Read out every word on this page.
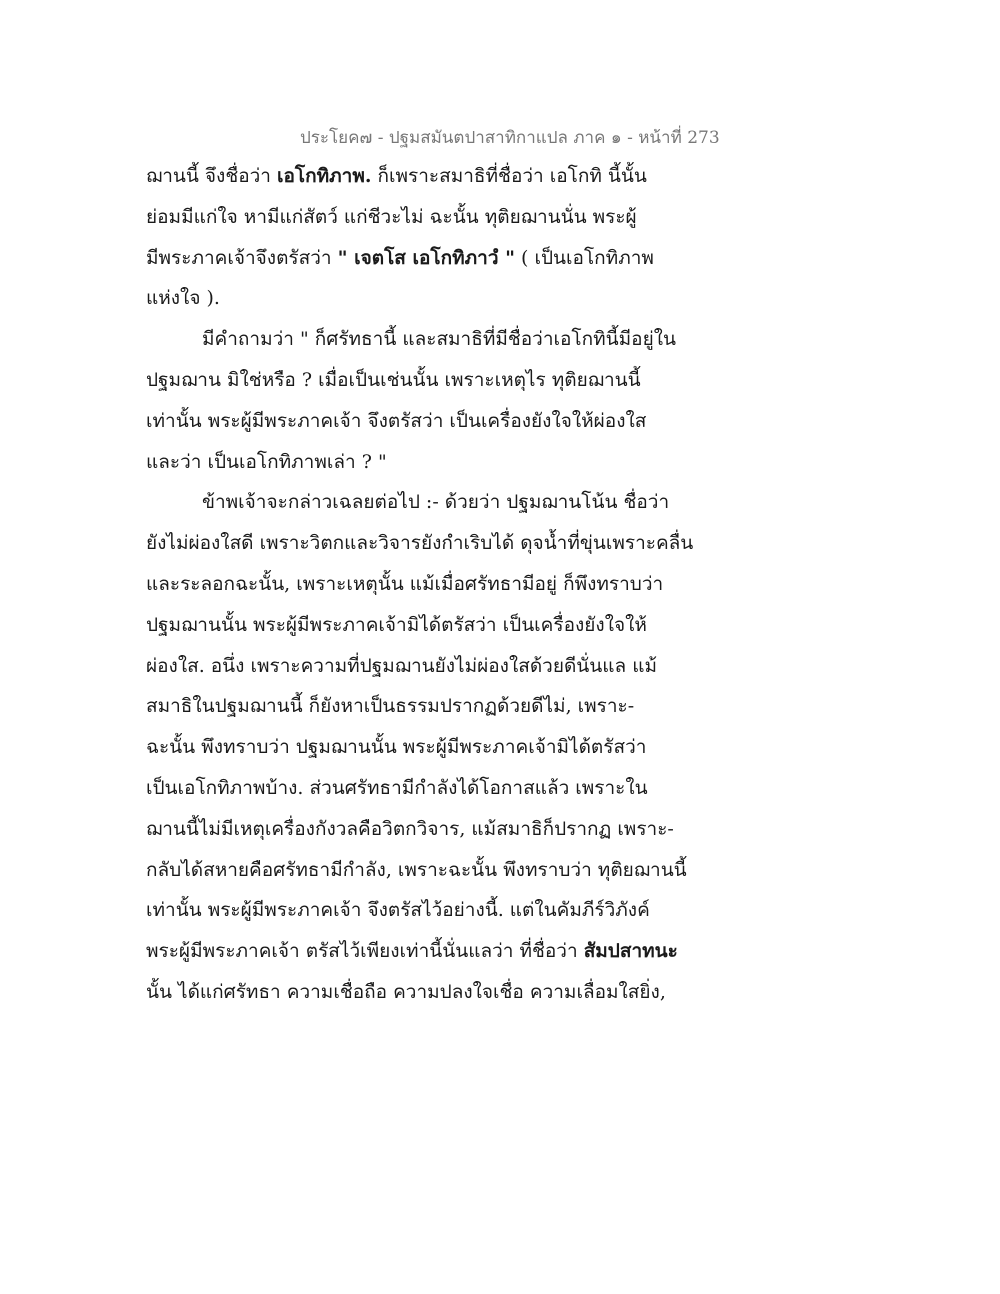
ประโยค๗ - ปฐมสมันตปาสาทิกาแปล ภาค ๑ - หน้าที่ 273
ฌานนี้ จึงชื่อว่า เอโกทิภาพ. ก็เพราะสมาธิที่ชื่อว่า เอโกทิ นี้นั้น
ย่อมมีแก่ใจ หามีแก่สัตว์ แก่ชีวะไม่ ฉะนั้น ทุติยฌานนั่น พระผู้
มีพระภาคเจ้าจึงตรัสว่า " เจตโส เอโกทิภาวํ " ( เป็นเอโกทิภาพ
แห่งใจ ).
มีคำถามว่า " ก็ศรัทธานี้ และสมาธิที่มีชื่อว่าเอโกทินี้มีอยู่ใน
ปฐมฌาน มิใช่หรือ ? เมื่อเป็นเช่นนั้น เพราะเหตุไร ทุติยฌานนี้
เท่านั้น พระผู้มีพระภาคเจ้า จึงตรัสว่า เป็นเครื่องยังใจให้ผ่องใส
และว่า เป็นเอโกทิภาพเล่า ? "
ข้าพเจ้าจะกล่าวเฉลยต่อไป :- ด้วยว่า ปฐมฌานโน้น ชื่อว่า
ยังไม่ผ่องใสดี เพราะวิตกและวิจารยังกำเริบได้ ดุจน้ำที่ขุ่นเพราะคลื่น
และระลอกฉะนั้น, เพราะเหตุนั้น แม้เมื่อศรัทธามีอยู่ ก็พึงทราบว่า
ปฐมฌานนั้น พระผู้มีพระภาคเจ้ามิได้ตรัสว่า เป็นเครื่องยังใจให้
ผ่องใส. อนึ่ง เพราะความที่ปฐมฌานยังไม่ผ่องใสด้วยดีนั่นแล แม้
สมาธิในปฐมฌานนี้ ก็ยังหาเป็นธรรมปรากฏด้วยดีไม่, เพราะ-
ฉะนั้น พึงทราบว่า ปฐมฌานนั้น พระผู้มีพระภาคเจ้ามิได้ตรัสว่า
เป็นเอโกทิภาพบ้าง. ส่วนศรัทธามีกำลังได้โอกาสแล้ว เพราะใน
ฌานนี้ไม่มีเหตุเครื่องกังวลคือวิตกวิจาร, แม้สมาธิก็ปรากฏ เพราะ-
กลับได้สหายคือศรัทธามีกำลัง, เพราะฉะนั้น พึงทราบว่า ทุติยฌานนี้
เท่านั้น พระผู้มีพระภาคเจ้า จึงตรัสไว้อย่างนี้. แต่ในคัมภีร์วิภังค์
พระผู้มีพระภาคเจ้า ตรัสไว้เพียงเท่านี้นั่นแลว่า ที่ชื่อว่า สัมปสาทนะ
นั้น ได้แก่ศรัทธา ความเชื่อถือ ความปลงใจเชื่อ ความเลื่อมใสยิ่ง,
